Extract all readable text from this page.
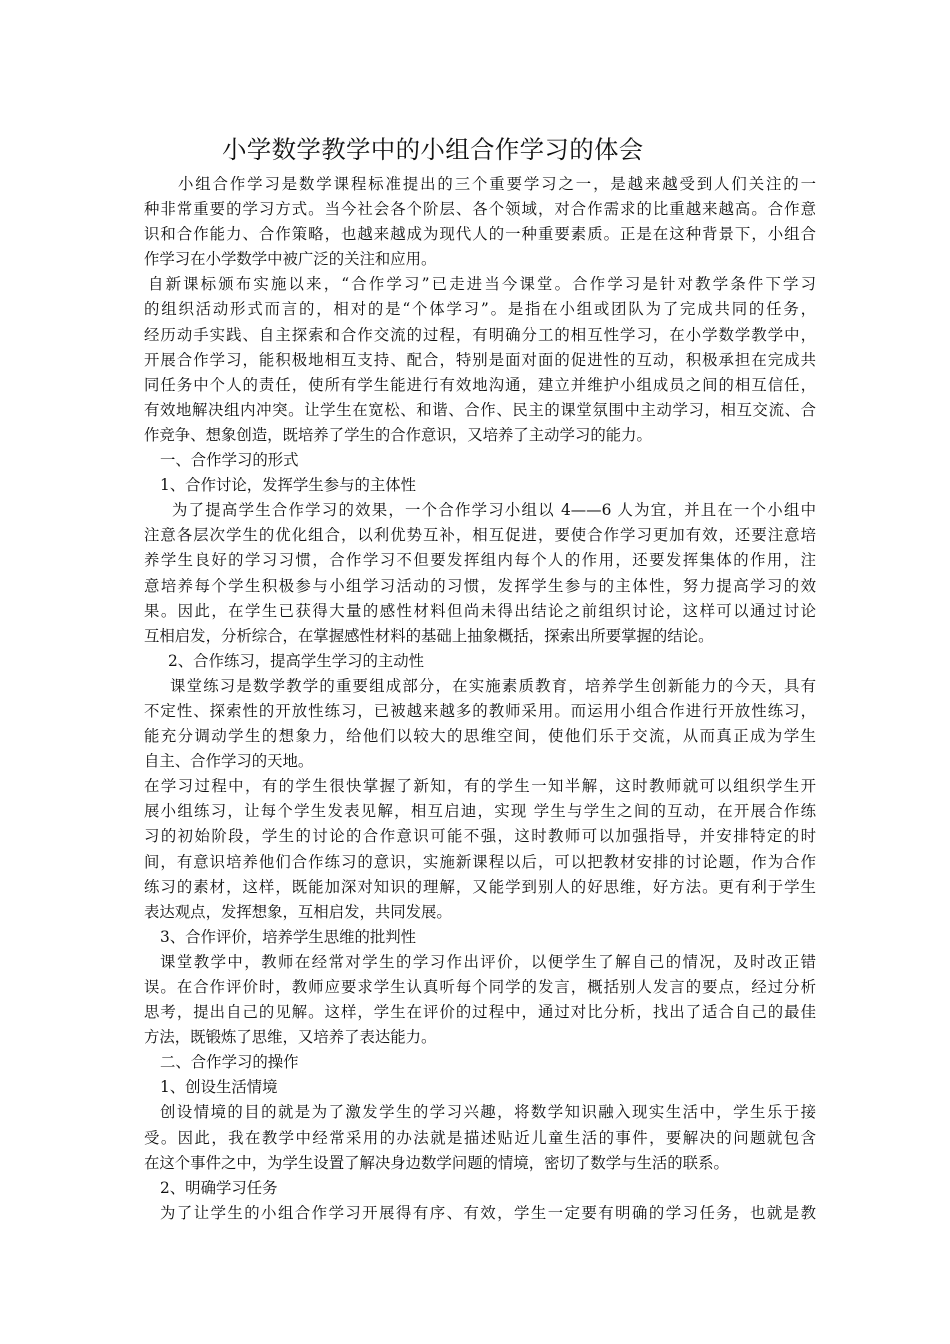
小学数学教学中的小组合作学习的体会
小组合作学习是数学课程标准提出的三个重要学习之一，是越来越受到人们关注的一
种非常重要的学习方式。当今社会各个阶层、各个领域，对合作需求的比重越来越高。合作意
识和合作能力、合作策略，也越来越成为现代人的一种重要素质。正是在这种背景下，小组合
作学习在小学数学中被广泛的关注和应用。
自新课标颁布实施以来，“合作学习”已走进当今课堂。合作学习是针对教学条件下学习
的组织活动形式而言的，相对的是“个体学习”。是指在小组或团队为了完成共同的任务，
经历动手实践、自主探索和合作交流的过程，有明确分工的相互性学习，在小学数学教学中，
开展合作学习，能积极地相互支持、配合，特别是面对面的促进性的互动，积极承担在完成共
同任务中个人的责任，使所有学生能进行有效地沟通，建立并维护小组成员之间的相互信任，
有效地解决组内冲突。让学生在宽松、和谐、合作、民主的课堂氛围中主动学习，相互交流、合
作竞争、想象创造，既培养了学生的合作意识，又培养了主动学习的能力。
一、合作学习的形式
1、合作讨论，发挥学生参与的主体性
为了提高学生合作学习的效果，一个合作学习小组以 4——6 人为宜，并且在一个小组中
注意各层次学生的优化组合，以利优势互补，相互促进，要使合作学习更加有效，还要注意培
养学生良好的学习习惯，合作学习不但要发挥组内每个人的作用，还要发挥集体的作用，注
意培养每个学生积极参与小组学习活动的习惯，发挥学生参与的主体性，努力提高学习的效
果。因此，在学生已获得大量的感性材料但尚未得出结论之前组织讨论，这样可以通过讨论
互相启发，分析综合，在掌握感性材料的基础上抽象概括，探索出所要掌握的结论。
2、合作练习，提高学生学习的主动性
课堂练习是数学教学的重要组成部分，在实施素质教育，培养学生创新能力的今天，具有
不定性、探索性的开放性练习，已被越来越多的教师采用。而运用小组合作进行开放性练习，
能充分调动学生的想象力，给他们以较大的思维空间，使他们乐于交流，从而真正成为学生
自主、合作学习的天地。
在学习过程中，有的学生很快掌握了新知，有的学生一知半解，这时教师就可以组织学生开
展小组练习，让每个学生发表见解，相互启迪，实现 学生与学生之间的互动，在开展合作练
习的初始阶段，学生的讨论的合作意识可能不强，这时教师可以加强指导，并安排特定的时
间，有意识培养他们合作练习的意识，实施新课程以后，可以把教材安排的讨论题，作为合作
练习的素材，这样，既能加深对知识的理解，又能学到别人的好思维，好方法。更有利于学生
表达观点，发挥想象，互相启发，共同发展。
3、合作评价，培养学生思维的批判性
课堂教学中，教师在经常对学生的学习作出评价，以便学生了解自己的情况，及时改正错
误。在合作评价时，教师应要求学生认真听每个同学的发言，概括别人发言的要点，经过分析
思考，提出自己的见解。这样，学生在评价的过程中，通过对比分析，找出了适合自己的最佳
方法，既锻炼了思维，又培养了表达能力。
二、合作学习的操作
1、创设生活情境
创设情境的目的就是为了激发学生的学习兴趣，将数学知识融入现实生活中，学生乐于接
受。因此，我在教学中经常采用的办法就是描述贴近儿童生活的事件，要解决的问题就包含
在这个事件之中，为学生设置了解决身边数学问题的情境，密切了数学与生活的联系。
2、明确学习任务
为了让学生的小组合作学习开展得有序、有效，学生一定要有明确的学习任务，也就是教
